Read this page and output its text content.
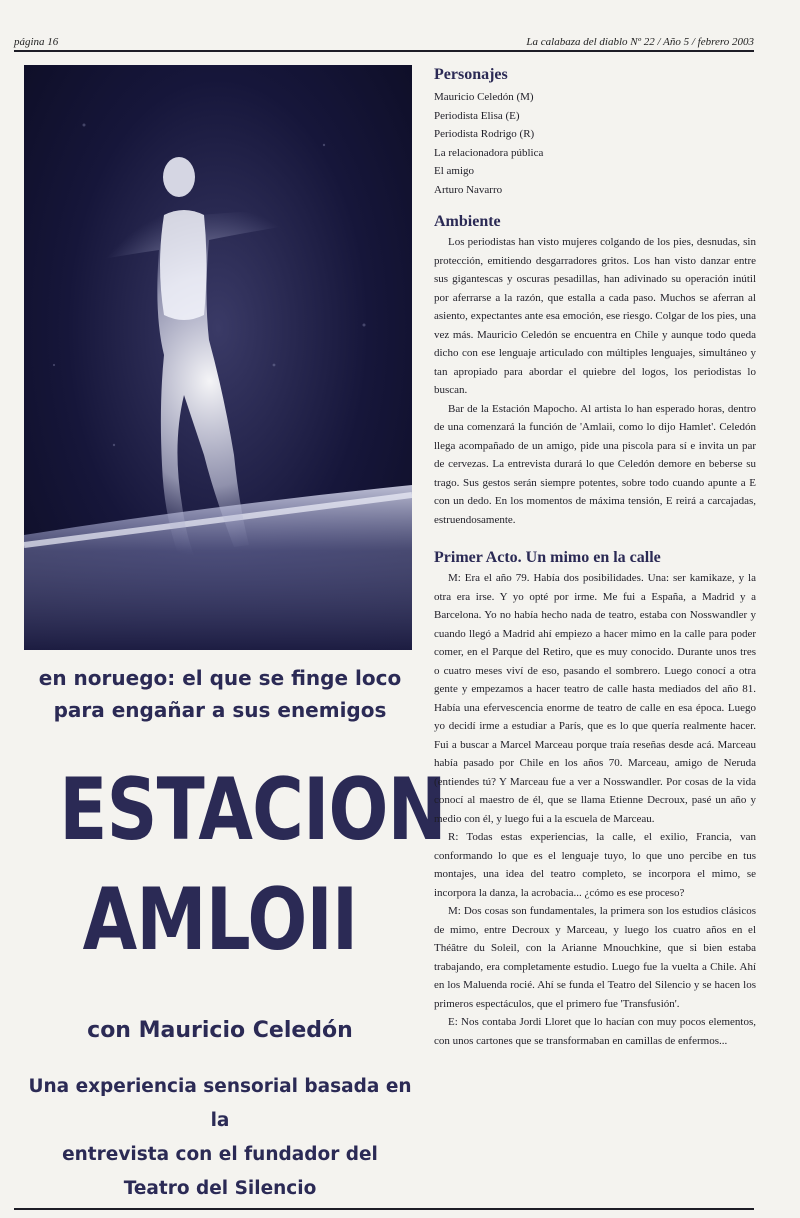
página 16	La calabaza del diablo Nº 22 / Año 5 / febrero 2003
en noruego: el que se finge loco
para engañar a sus enemigos
ESTACION
AMLOII
con Mauricio Celedón
Una experiencia sensorial basada en la
entrevista con el fundador del
Teatro del Silencio
Personajes
Mauricio Celedón (M)
Periodista Elisa (E)
Periodista Rodrigo (R)
La relacionadora pública
El amigo
Arturo Navarro
Ambiente

Los periodistas han visto mujeres colgando de los pies, desnudas, sin protección, emitiendo desgarradores gritos. Los han visto danzar entre sus gigantescas y oscuras pesadillas, han adivinado su operación inútil por aferrarse a la razón, que estalla a cada paso. Muchos se aferran al asiento, expectantes ante esa emoción, ese riesgo. Colgar de los pies, una vez más. Mauricio Celedón se encuentra en Chile y aunque todo queda dicho con ese lenguaje articulado con múltiples lenguajes, simultáneo y tan apropiado para abordar el quiebre del logos, los periodistas lo buscan.

Bar de la Estación Mapocho. Al artista lo han esperado horas, dentro de una comenzará la función de 'Amlaii, como lo dijo Hamlet'. Celedón llega acompañado de un amigo, pide una piscola para sí e invita un par de cervezas. La entrevista durará lo que Celedón demore en beberse su trago. Sus gestos serán siempre potentes, sobre todo cuando apunte a E con un dedo. En los momentos de máxima tensión, E reirá a carcajadas, estruendosamente.

Primer Acto. Un mimo en la calle

M: Era el año 79. Había dos posibilidades. Una: ser kamikaze, y la otra era irse. Y yo opté por irme. Me fui a España, a Madrid y a Barcelona. Yo no había hecho nada de teatro, estaba con Nosswandler y cuando llegó a Madrid ahí empiezo a hacer mimo en la calle para poder comer, en el Parque del Retiro, que es muy conocido. Durante unos tres o cuatro meses viví de eso, pasando el sombrero. Luego conocí a otra gente y empezamos a hacer teatro de calle hasta mediados del año 81. Había una efervescencia enorme de teatro de calle en esa época. Luego yo decidí irme a estudiar a París, que es lo que quería realmente hacer. Fui a buscar a Marcel Marceau porque traía reseñas desde acá. Marceau había pasado por Chile en los años 70. Marceau, amigo de Neruda (entiendes tú? Y Marceau fue a ver a Nosswandler. Por cosas de la vida conocí al maestro de él, que se llama Etienne Decroux, pasé un año y medio con él, y luego fui a la escuela de Marceau.

R: Todas estas experiencias, la calle, el exilio, Francia, van conformando lo que es el lenguaje tuyo, lo que uno percibe en tus montajes, una idea del teatro completo, se incorpora el mimo, se incorpora la danza, la acrobacia... ¿cómo es ese proceso?

M: Dos cosas son fundamentales, la primera son los estudios clásicos de mimo, entre Decroux y Marceau, y luego los cuatro años en el Théâtre du Soleil, con la Arianne Mnouchkine, que si bien estaba trabajando, era completamente estudio. Luego fue la vuelta a Chile. Ahí en los Maluenda rocié. Ahí se funda el Teatro del Silencio y se hacen los primeros espectáculos, que el primero fue 'Transfusión'.

E: Nos contaba Jordi Lloret que lo hacían con muy pocos elementos, con unos cartones que se transformaban en camillas de enfermos...
